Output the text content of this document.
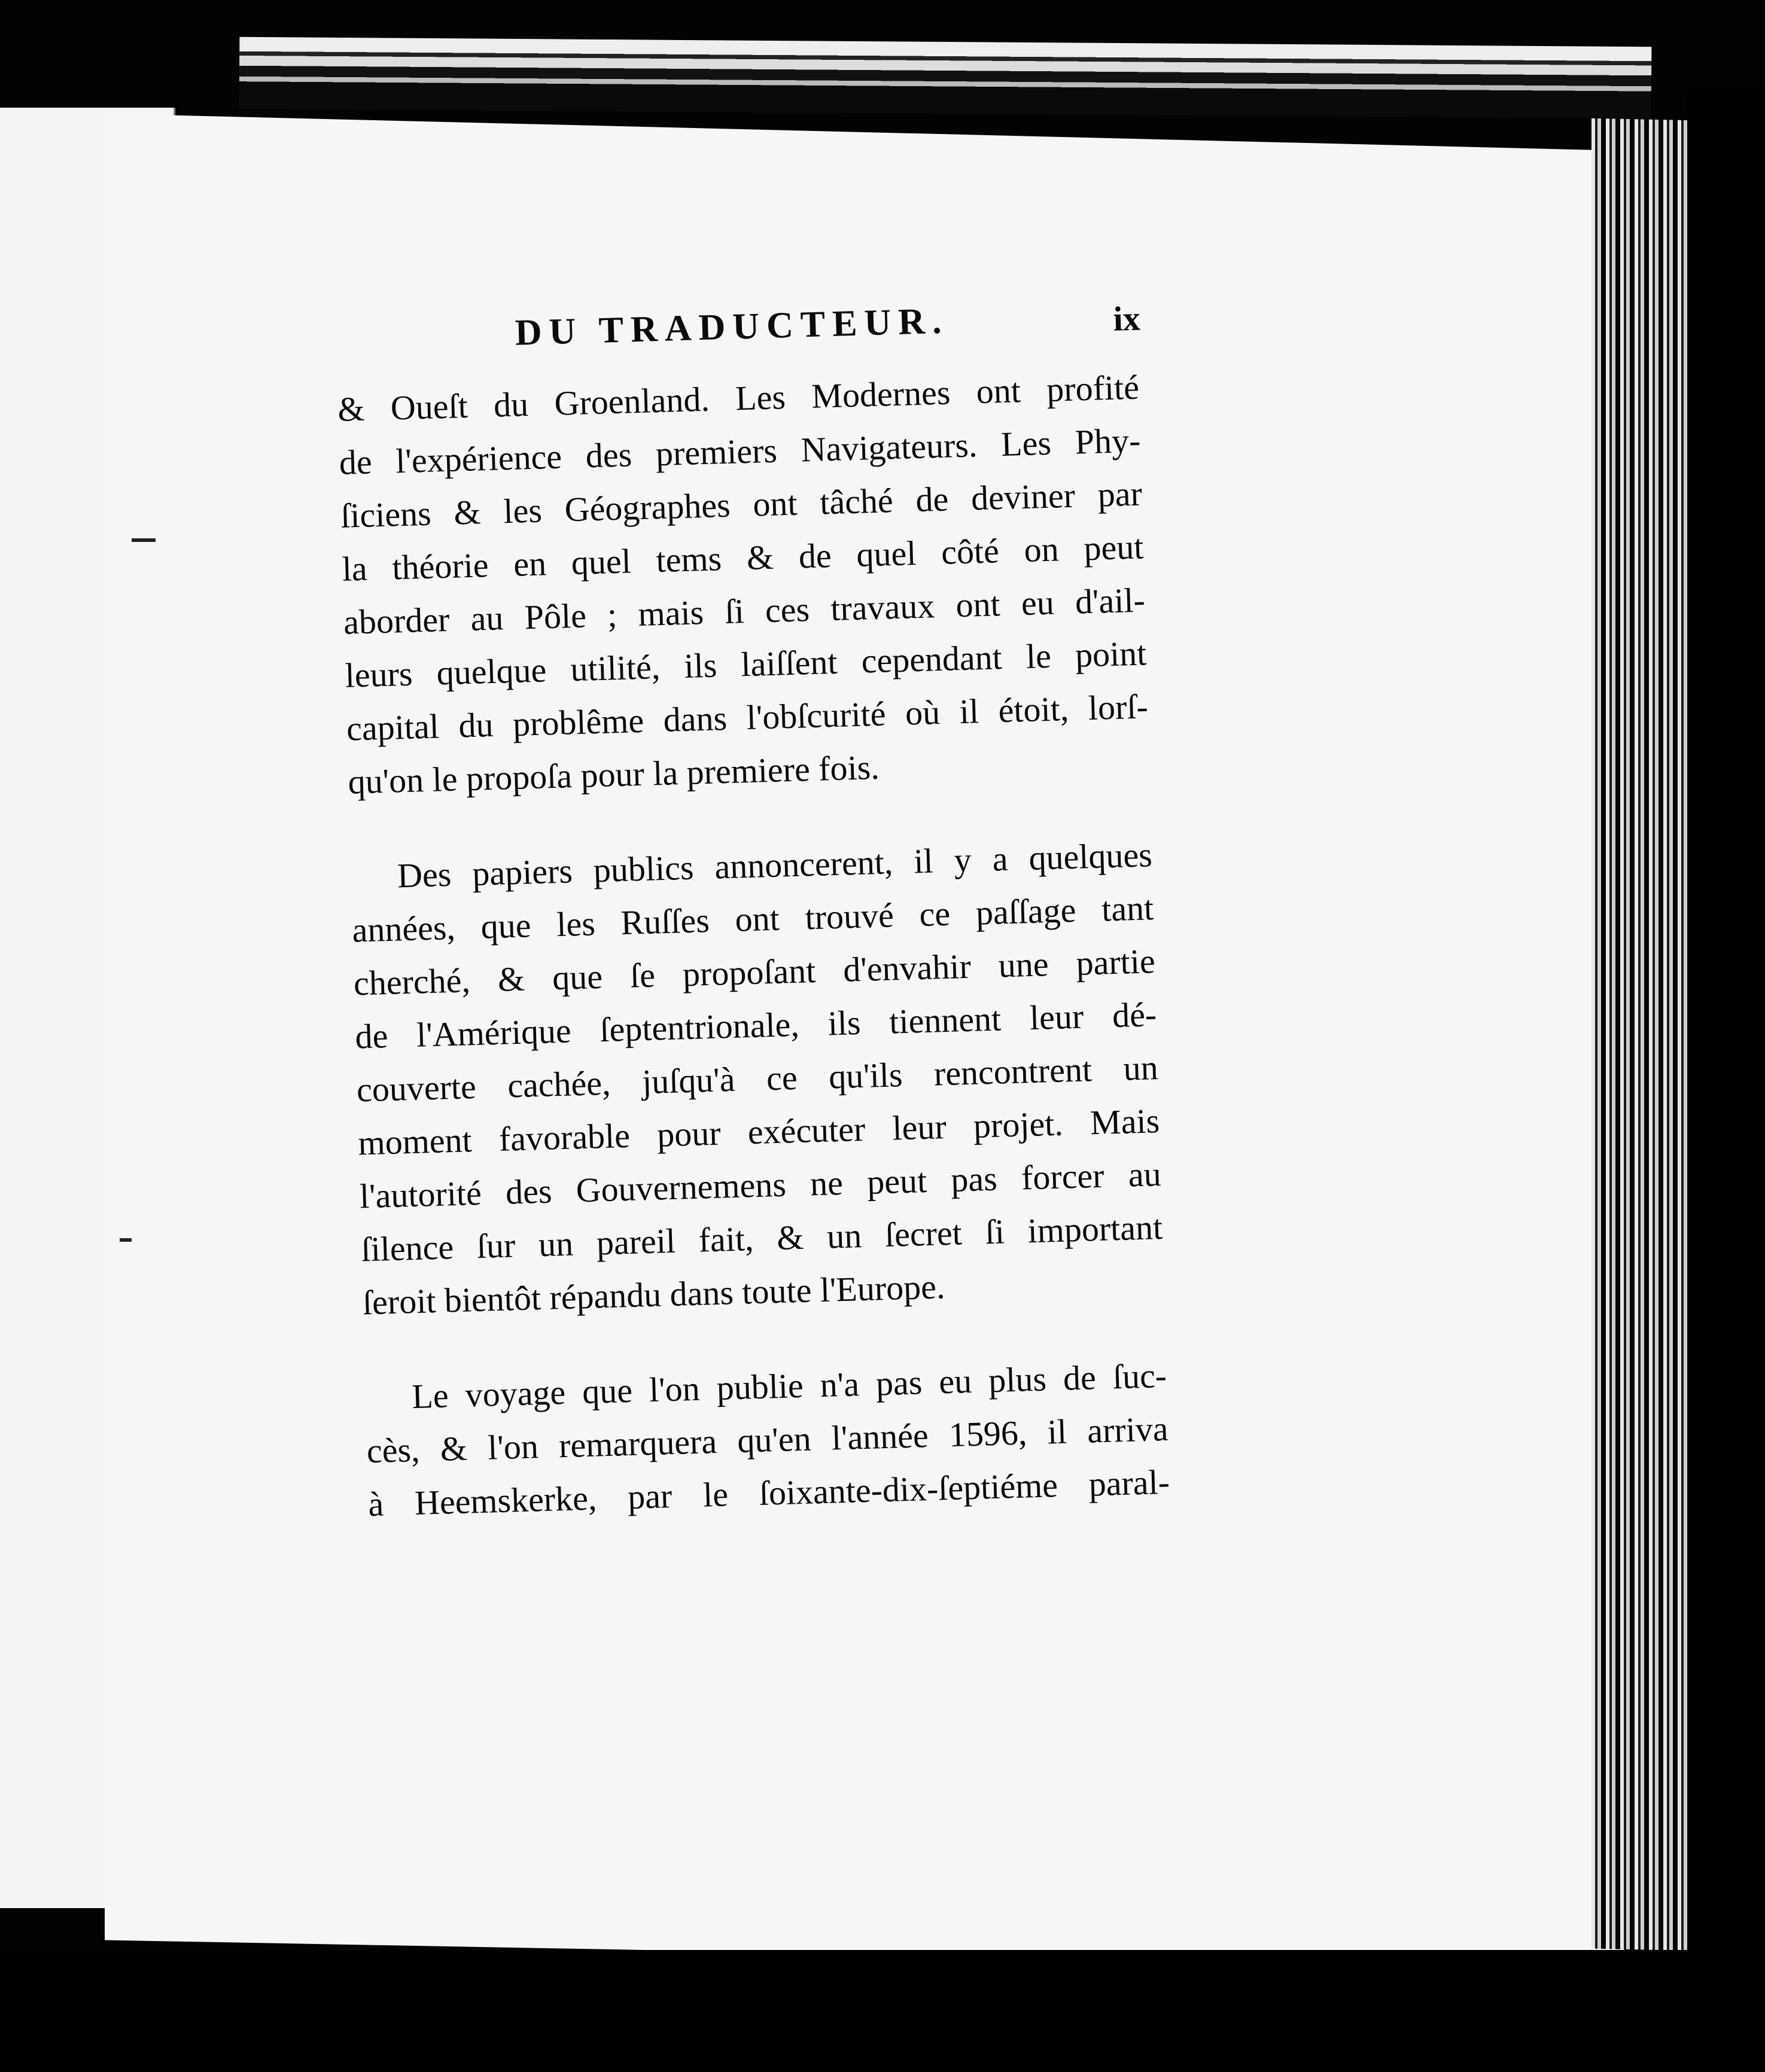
DU TRADUCTEUR.	ix
& Oueſt du Groenland. Les Modernes ont profité
de l'expérience des premiers Navigateurs. Les Phy-
ſiciens & les Géographes ont tâché de deviner par
la théorie en quel tems & de quel côté on peut
aborder au Pôle ; mais ſi ces travaux ont eu d'ail-
leurs quelque utilité, ils laiſſent cependant le point
capital du problême dans l'obſcurité où il étoit, lorſ-
qu'on le propoſa pour la premiere fois.
Des papiers publics annoncerent, il y a quelques
années, que les Ruſſes ont trouvé ce paſſage tant
cherché, & que ſe propoſant d'envahir une partie
de l'Amérique ſeptentrionale, ils tiennent leur dé-
couverte cachée, juſqu'à ce qu'ils rencontrent un
moment favorable pour exécuter leur projet. Mais
l'autorité des Gouvernemens ne peut pas forcer au
ſilence ſur un pareil fait, & un ſecret ſi important
ſeroit bientôt répandu dans toute l'Europe.
Le voyage que l'on publie n'a pas eu plus de ſuc-
cès, & l'on remarquera qu'en l'année 1596, il arriva
à Heemskerke, par le ſoixante-dix-ſeptiéme paral-
